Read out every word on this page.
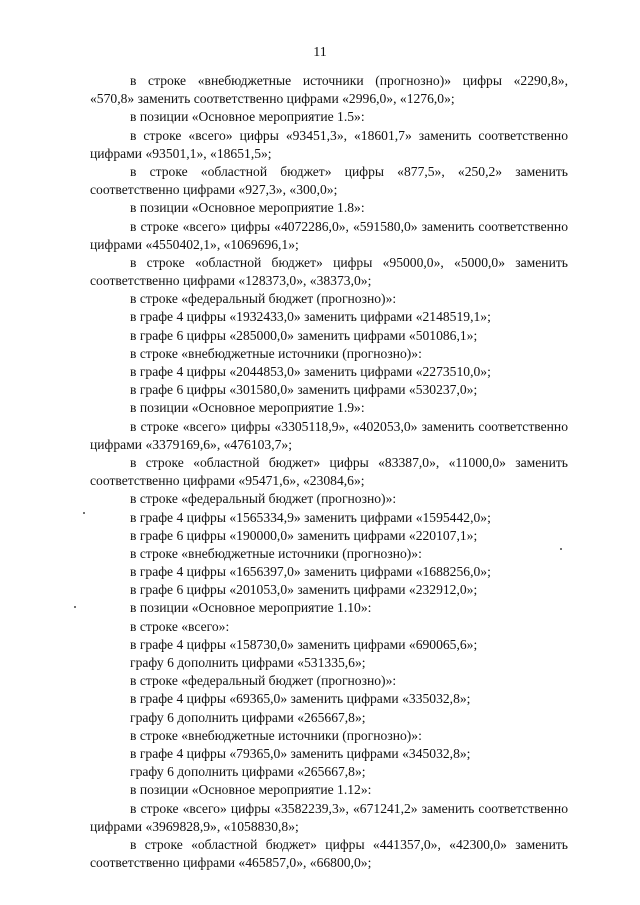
11
в строке «внебюджетные источники (прогнозно)» цифры «2290,8»,
«570,8» заменить соответственно цифрами «2996,0», «1276,0»;
в позиции «Основное мероприятие 1.5»:
в строке «всего» цифры «93451,3», «18601,7» заменить соответственно
цифрами «93501,1», «18651,5»;
в строке «областной бюджет» цифры «877,5», «250,2» заменить
соответственно цифрами «927,3», «300,0»;
в позиции «Основное мероприятие 1.8»:
в строке «всего» цифры «4072286,0», «591580,0» заменить соответственно
цифрами «4550402,1», «1069696,1»;
в строке «областной бюджет» цифры «95000,0», «5000,0» заменить
соответственно цифрами «128373,0», «38373,0»;
в строке «федеральный бюджет (прогнозно)»:
в графе 4 цифры «1932433,0» заменить цифрами «2148519,1»;
в графе 6 цифры «285000,0» заменить цифрами «501086,1»;
в строке «внебюджетные источники (прогнозно)»:
в графе 4 цифры «2044853,0» заменить цифрами «2273510,0»;
в графе 6 цифры «301580,0» заменить цифрами «530237,0»;
в позиции «Основное мероприятие 1.9»:
в строке «всего» цифры «3305118,9», «402053,0» заменить соответственно
цифрами «3379169,6», «476103,7»;
в строке «областной бюджет» цифры «83387,0», «11000,0» заменить
соответственно цифрами «95471,6», «23084,6»;
в строке «федеральный бюджет (прогнозно)»:
в графе 4 цифры «1565334,9» заменить цифрами «1595442,0»;
в графе 6 цифры «190000,0» заменить цифрами «220107,1»;
в строке «внебюджетные источники (прогнозно)»:
в графе 4 цифры «1656397,0» заменить цифрами «1688256,0»;
в графе 6 цифры «201053,0» заменить цифрами «232912,0»;
в позиции «Основное мероприятие 1.10»:
в строке «всего»:
в графе 4 цифры «158730,0» заменить цифрами «690065,6»;
графу 6 дополнить цифрами «531335,6»;
в строке «федеральный бюджет (прогнозно)»:
в графе 4 цифры «69365,0» заменить цифрами «335032,8»;
графу 6 дополнить цифрами «265667,8»;
в строке «внебюджетные источники (прогнозно)»:
в графе 4 цифры «79365,0» заменить цифрами «345032,8»;
графу 6 дополнить цифрами «265667,8»;
в позиции «Основное мероприятие 1.12»:
в строке «всего» цифры «3582239,3», «671241,2» заменить соответственно
цифрами «3969828,9», «1058830,8»;
в строке «областной бюджет» цифры «441357,0», «42300,0» заменить
соответственно цифрами «465857,0», «66800,0»;
